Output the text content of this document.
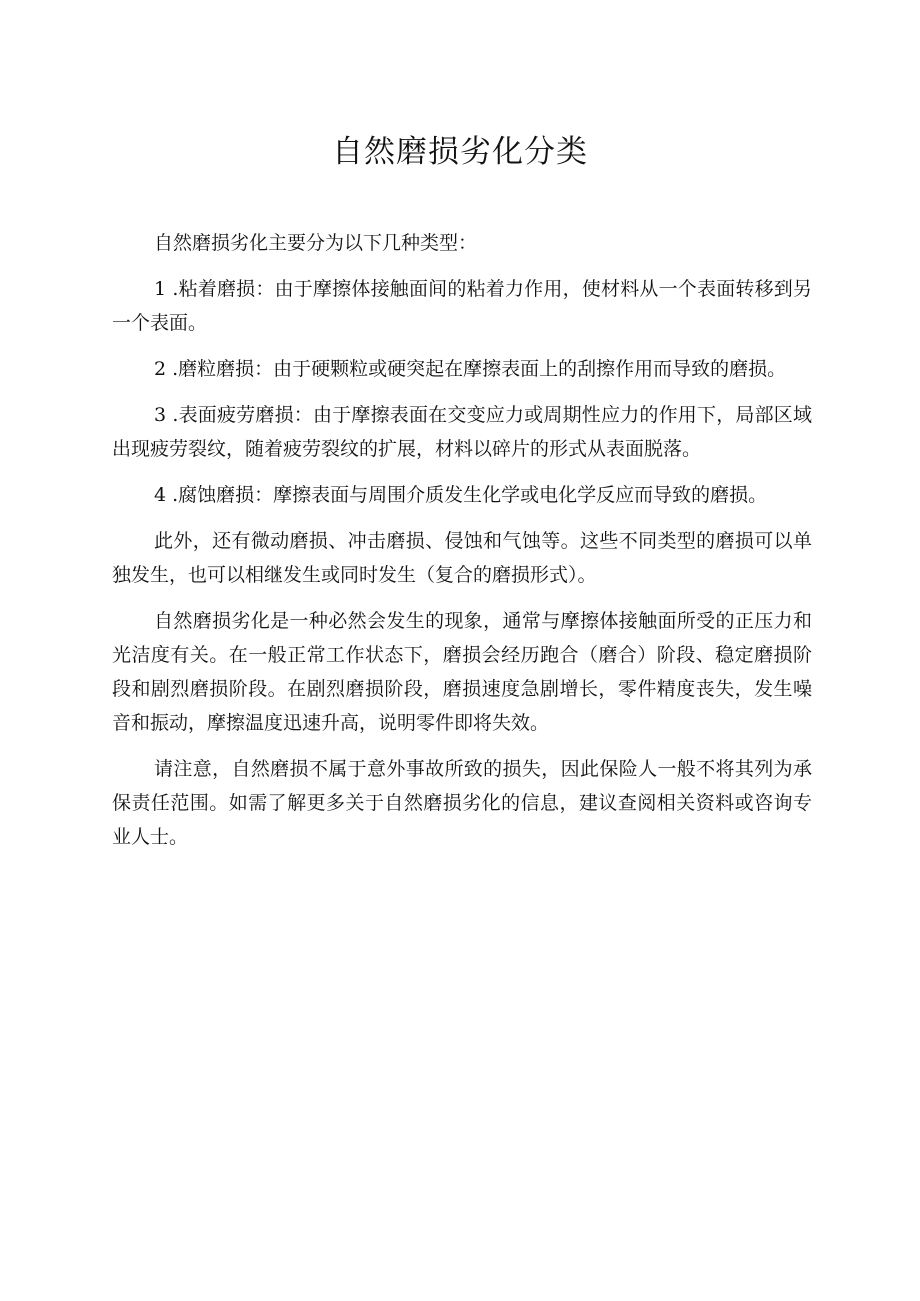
自然磨损劣化分类

自然磨损劣化主要分为以下几种类型：

1 .粘着磨损：由于摩擦体接触面间的粘着力作用，使材料从一个表面转移到另一个表面。

2 .磨粒磨损：由于硬颗粒或硬突起在摩擦表面上的刮擦作用而导致的磨损。

3 .表面疲劳磨损：由于摩擦表面在交变应力或周期性应力的作用下，局部区域出现疲劳裂纹，随着疲劳裂纹的扩展，材料以碎片的形式从表面脱落。

4 .腐蚀磨损：摩擦表面与周围介质发生化学或电化学反应而导致的磨损。

此外，还有微动磨损、冲击磨损、侵蚀和气蚀等。这些不同类型的磨损可以单独发生，也可以相继发生或同时发生（复合的磨损形式）。

自然磨损劣化是一种必然会发生的现象，通常与摩擦体接触面所受的正压力和光洁度有关。在一般正常工作状态下，磨损会经历跑合（磨合）阶段、稳定磨损阶段和剧烈磨损阶段。在剧烈磨损阶段，磨损速度急剧增长，零件精度丧失，发生噪音和振动，摩擦温度迅速升高，说明零件即将失效。

请注意，自然磨损不属于意外事故所致的损失，因此保险人一般不将其列为承保责任范围。如需了解更多关于自然磨损劣化的信息，建议查阅相关资料或咨询专业人士。
